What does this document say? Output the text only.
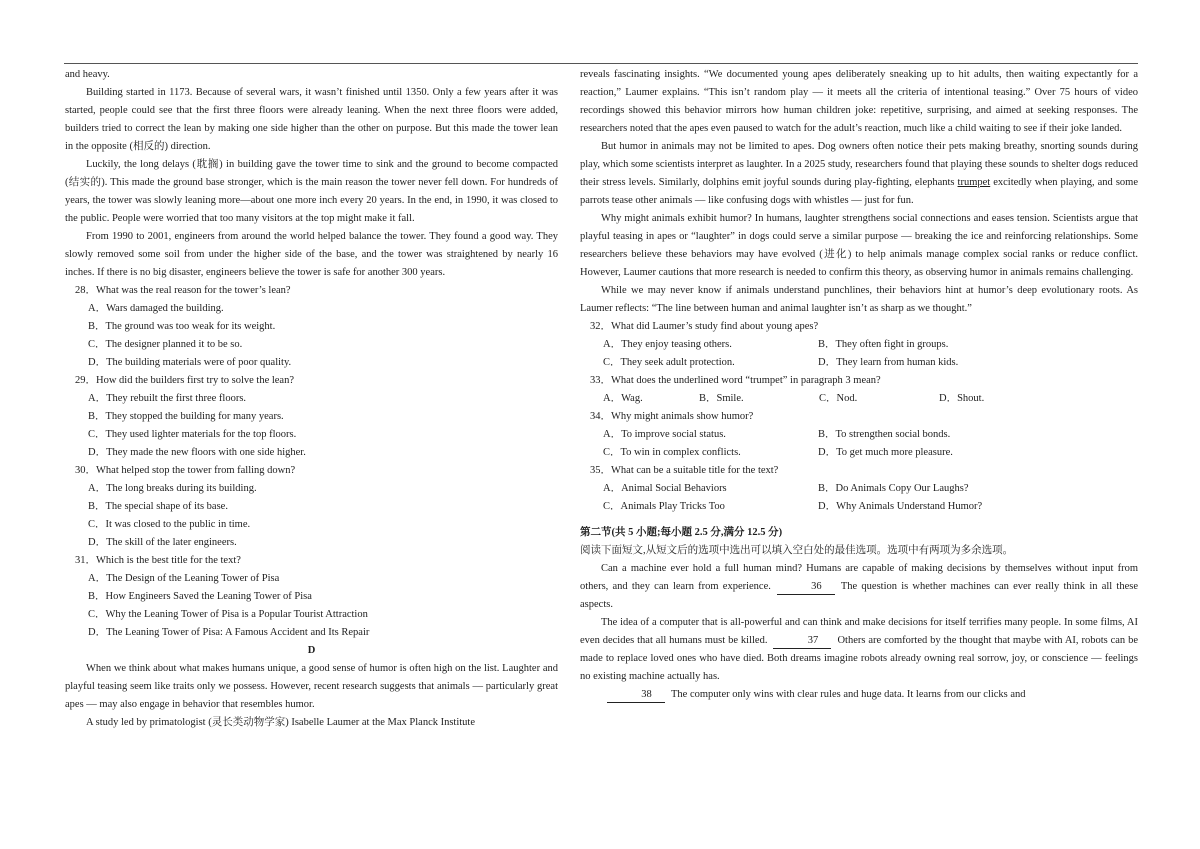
and heavy.

Building started in 1173. Because of several wars, it wasn’t finished until 1350. Only a few years after it was started, people could see that the first three floors were already leaning. When the next three floors were added, builders tried to correct the lean by making one side higher than the other on purpose. But this made the tower lean in the opposite (相反的) direction.

Luckily, the long delays (耽搁) in building gave the tower time to sink and the ground to become compacted (结实的). This made the ground base stronger, which is the main reason the tower never fell down. For hundreds of years, the tower was slowly leaning more—about one more inch every 20 years. In the end, in 1990, it was closed to the public. People were worried that too many visitors at the top might make it fall.

From 1990 to 2001, engineers from around the world helped balance the tower. They found a good way. They slowly removed some soil from under the higher side of the base, and the tower was straightened by nearly 16 inches. If there is no big disaster, engineers believe the tower is safe for another 300 years.

28．What was the real reason for the tower’s lean?

A．Wars damaged the building.

B．The ground was too weak for its weight.

C．The designer planned it to be so.

D．The building materials were of poor quality.

29．How did the builders first try to solve the lean?

A．They rebuilt the first three floors.

B．They stopped the building for many years.

C．They used lighter materials for the top floors.

D．They made the new floors with one side higher.

30．What helped stop the tower from falling down?

A．The long breaks during its building.

B．The special shape of its base.

C．It was closed to the public in time.

D．The skill of the later engineers.

31．Which is the best title for the text?

A．The Design of the Leaning Tower of Pisa

B．How Engineers Saved the Leaning Tower of Pisa

C．Why the Leaning Tower of Pisa is a Popular Tourist Attraction

D．The Leaning Tower of Pisa: A Famous Accident and Its Repair

D

When we think about what makes humans unique, a good sense of humor is often high on the list. Laughter and playful teasing seem like traits only we possess. However, recent research suggests that animals — particularly great apes — may also engage in behavior that resembles humor.

A study led by primatologist (灵长类动物学家) Isabelle Laumer at the Max Planck Institute

reveals fascinating insights. “We documented young apes deliberately sneaking up to hit adults, then waiting expectantly for a reaction,” Laumer explains. “This isn’t random play — it meets all the criteria of intentional teasing.” Over 75 hours of video recordings showed this behavior mirrors how human children joke: repetitive, surprising, and aimed at seeking responses. The researchers noted that the apes even paused to watch for the adult’s reaction, much like a child waiting to see if their joke landed.

But humor in animals may not be limited to apes. Dog owners often notice their pets making breathy, snorting sounds during play, which some scientists interpret as laughter. In a 2025 study, researchers found that playing these sounds to shelter dogs reduced their stress levels. Similarly, dolphins emit joyful sounds during play-fighting, elephants trumpet excitedly when playing, and some parrots tease other animals — like confusing dogs with whistles — just for fun.

Why might animals exhibit humor? In humans, laughter strengthens social connections and eases tension. Scientists argue that playful teasing in apes or “laughter” in dogs could serve a similar purpose — breaking the ice and reinforcing relationships. Some researchers believe these behaviors may have evolved (进化) to help animals manage complex social ranks or reduce conflict. However, Laumer cautions that more research is needed to confirm this theory, as observing humor in animals remains challenging.

While we may never know if animals understand punchlines, their behaviors hint at humor’s deep evolutionary roots. As Laumer reflects: “The line between human and animal laughter isn’t as sharp as we thought.”

32．What did Laumer’s study find about young apes?

A．They enjoy teasing others.	B．They often fight in groups.
C．They seek adult protection.	D．They learn from human kids.

33．What does the underlined word “trumpet” in paragraph 3 mean?

A．Wag.	B．Smile.	C．Nod.	D．Shout.

34．Why might animals show humor?

A．To improve social status.	B．To strengthen social bonds.
C．To win in complex conflicts.	D．To get much more pleasure.

35．What can be a suitable title for the text?

A．Animal Social Behaviors	B．Do Animals Copy Our Laughs?
C．Animals Play Tricks Too	D．Why Animals Understand Humor?

第二节(共 5 小题;每小题 2.5 分,满分 12.5 分)

阅读下面短文,从短文后的选项中选出可以填入空白处的最佳选项。选项中有两项为多余选项。

Can a machine ever hold a full human mind? Humans are capable of making decisions by themselves without input from others, and they can learn from experience.	36 The question is whether machines can ever really think in all these aspects.

The idea of a computer that is all-powerful and can think and make decisions for itself terrifies many people. In some films, AI even decides that all humans must be killed.	37 Others are comforted by the thought that maybe with AI, robots can be made to replace loved ones who have died. Both dreams imagine robots already owning real sorrow, joy, or conscience — feelings no existing machine actually has.

38 The computer only wins with clear rules and huge data. It learns from our clicks and
